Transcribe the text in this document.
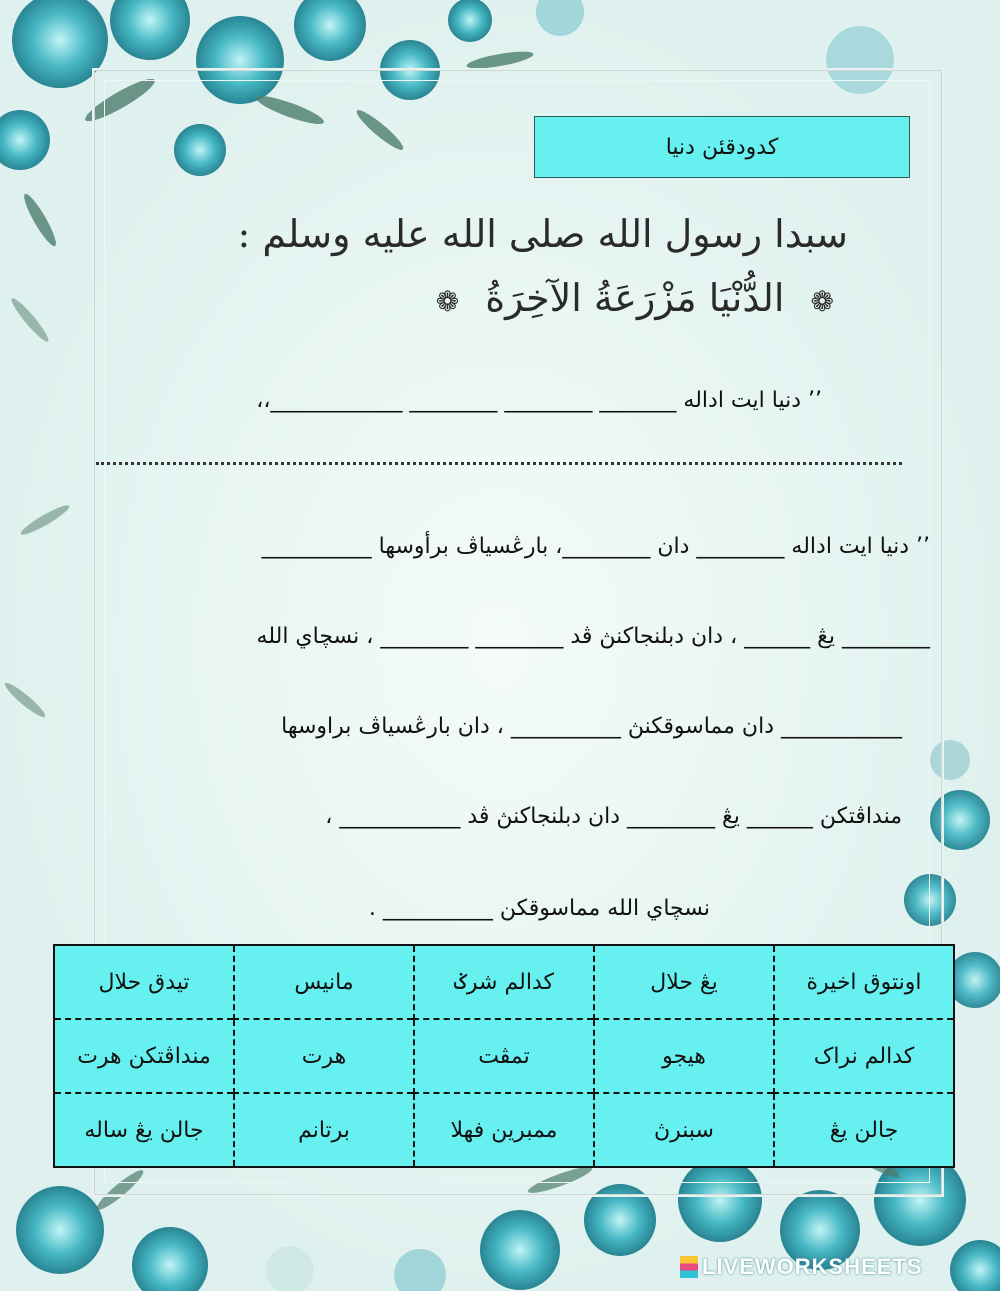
كدودقئن دنيا
سبدا رسول الله صلى الله عليه وسلم :
❁ الدُّنْيَا مَزْرَعَةُ الآخِرَةُ ❁
’’ دنيا ايت اداله _______ ________ ________ ____________،،
’’ دنيا ايت اداله ________ دان ________، بارڠسياڤ برأوسها __________
________ يڠ ______ ، دان دبلنجاكنڽ ڤد ________ ________ ، نسچاي الله
___________ دان مماسوقكنڽ __________ ، دان بارڠسياڤ براوسها
منداڤتكن ______ يڠ ________ دان دبلنجاكنڽ ڤد ___________ ،
نسچاي الله مماسوقكن __________ .
اونتوق اخيرة	يڠ حلال	كدالم شرݢ	مانيس	تيدق حلال
كدالم نراک	هيجو	تمڤت	هرت	منداڤتكن هرت
جالن يڠ	سبنرڽ	ممبرين فهلا	برتانم	جالن يڠ ساله
LIVEWORKSHEETS
